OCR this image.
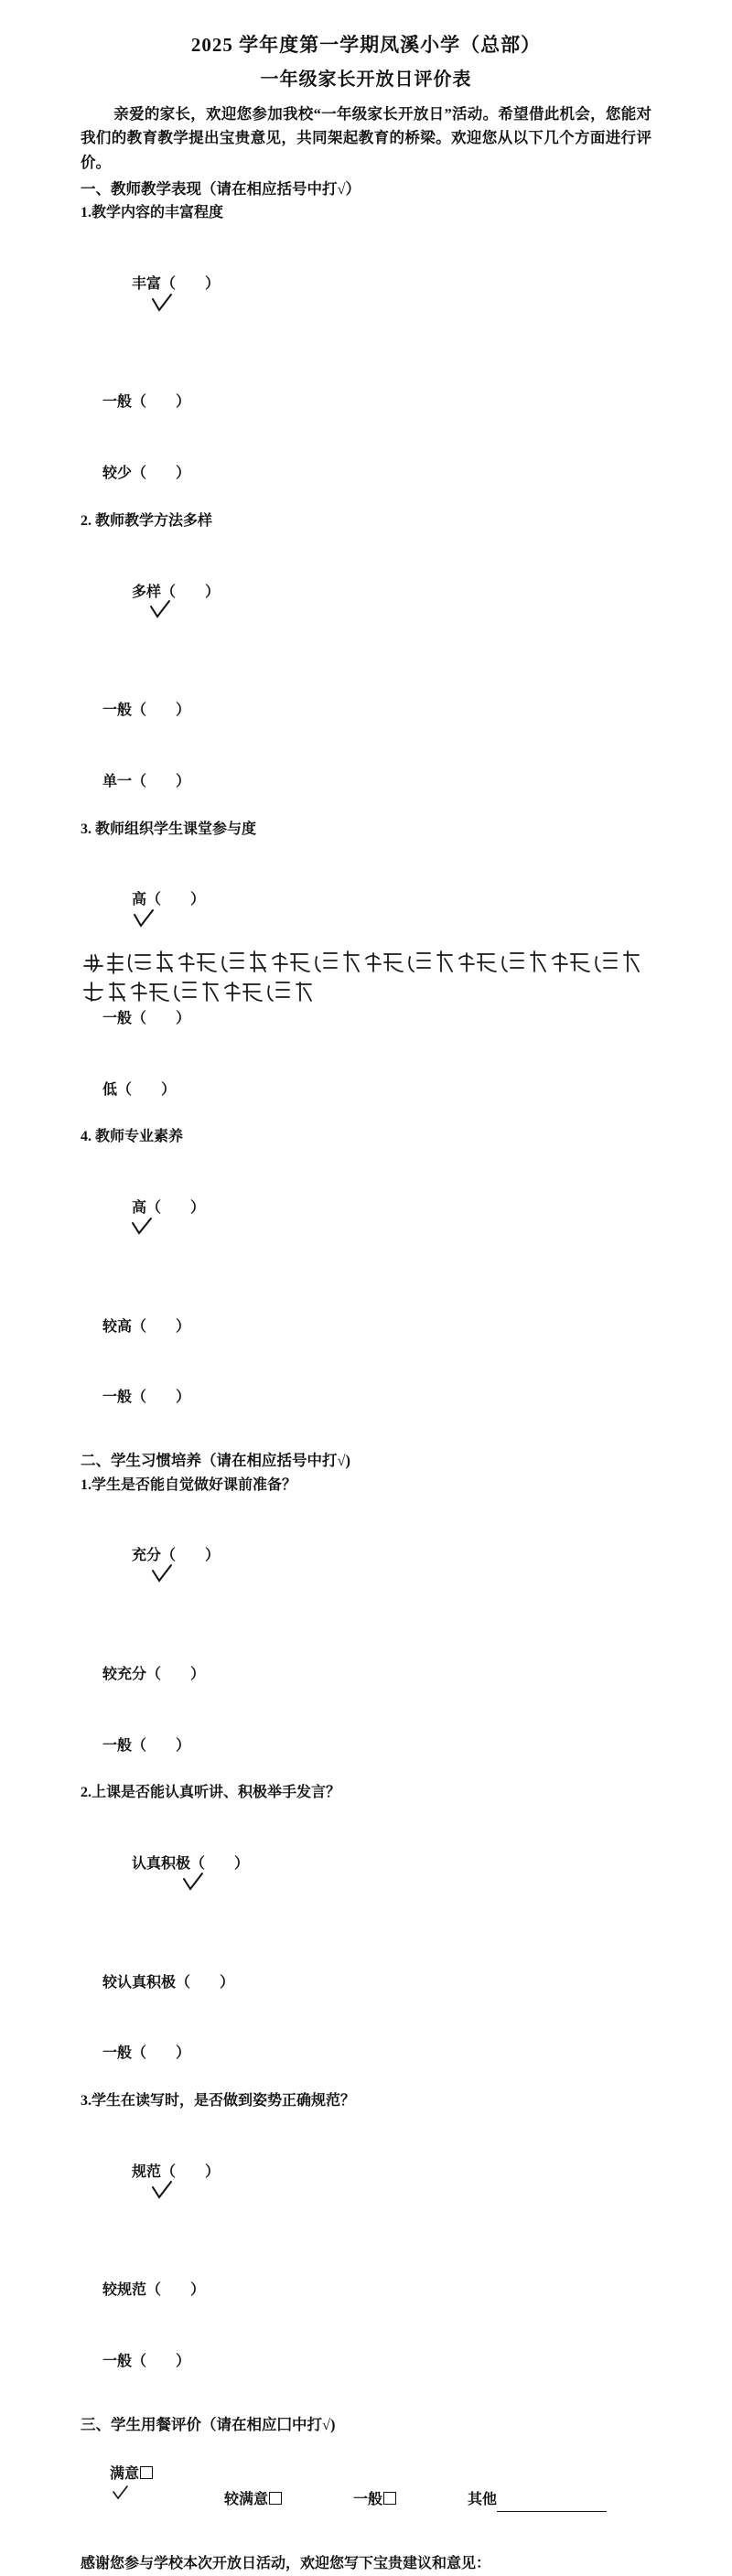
2025 学年度第一学期凤溪小学（总部）
一年级家长开放日评价表

亲爱的家长，欢迎您参加我校“一年级家长开放日”活动。希望借此机会，您能对我们的教育教学提出宝贵意见，共同架起教育的桥梁。欢迎您从以下几个方面进行评价。

一、教师教学表现（请在相应括号中打√）
1.教学内容的丰富程度

丰富（　　）

一般（　　）

较少（　　）

2. 教师教学方法多样

多样（　　）

一般（　　）

单一（　　）

3. 教师组织学生课堂参与度

高（　　）

一般（　　）

低（　　）

4. 教师专业素养

高（　　）

较高（　　）

一般（　　）

二、学生习惯培养（请在相应括号中打√)
1.学生是否能自觉做好课前准备？

充分（　　）

较充分（　　）

一般（　　）

2.上课是否能认真听讲、积极举手发言？

认真积极（　　）

较认真积极（　　）

一般（　　）

3.学生在读写时，是否做到姿势正确规范？

规范（　　）

较规范（　　）

一般（　　）

三、学生用餐评价（请在相应囗中打√)

满意

较满意
	一般
	其他

感谢您参与学校本次开放日活动，欢迎您写下宝贵建议和意见：
